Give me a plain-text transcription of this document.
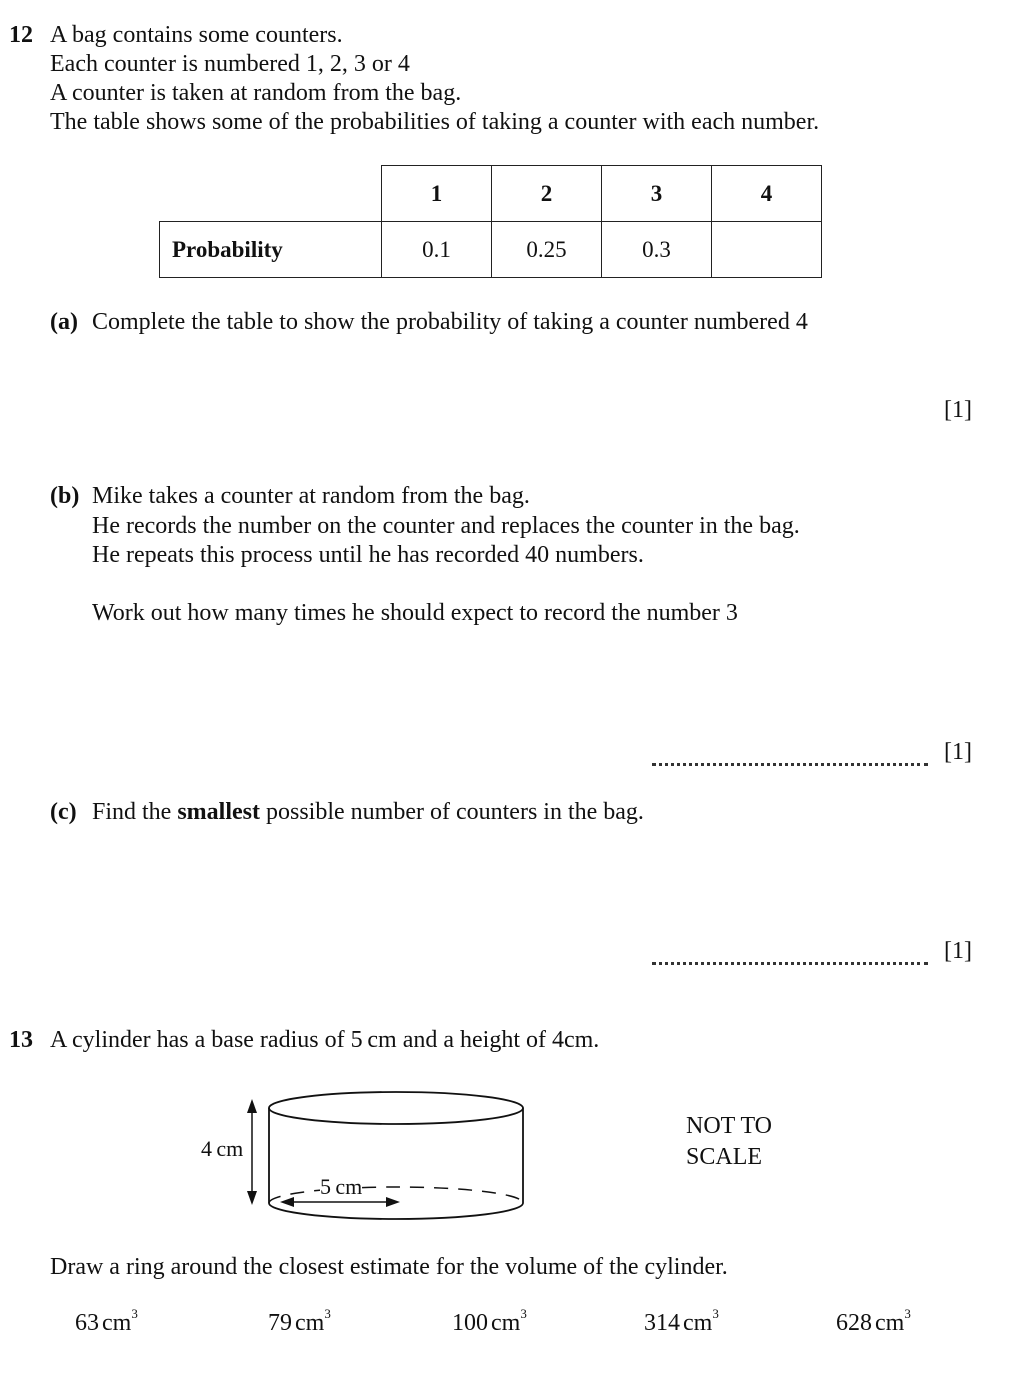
12 A bag contains some counters.
Each counter is numbered 1, 2, 3 or 4
A counter is taken at random from the bag.
The table shows some of the probabilities of taking a counter with each number.
	1	2	3	4
Probability	0.1	0.25	0.3	
(a) Complete the table to show the probability of taking a counter numbered 4
[1]
(b) Mike takes a counter at random from the bag.
He records the number on the counter and replaces the counter in the bag.
He repeats this process until he has recorded 40 numbers.
Work out how many times he should expect to record the number 3
[1]
(c) Find the smallest possible number of counters in the bag.
[1]
13 A cylinder has a base radius of 5 cm and a height of 4cm.
4 cm
5 cm
NOT TO
SCALE
Draw a ring around the closest estimate for the volume of the cylinder.
63 $cm^3$	79 $cm^3$	100 $cm^3$	314 $cm^3$	628 $cm^3$
